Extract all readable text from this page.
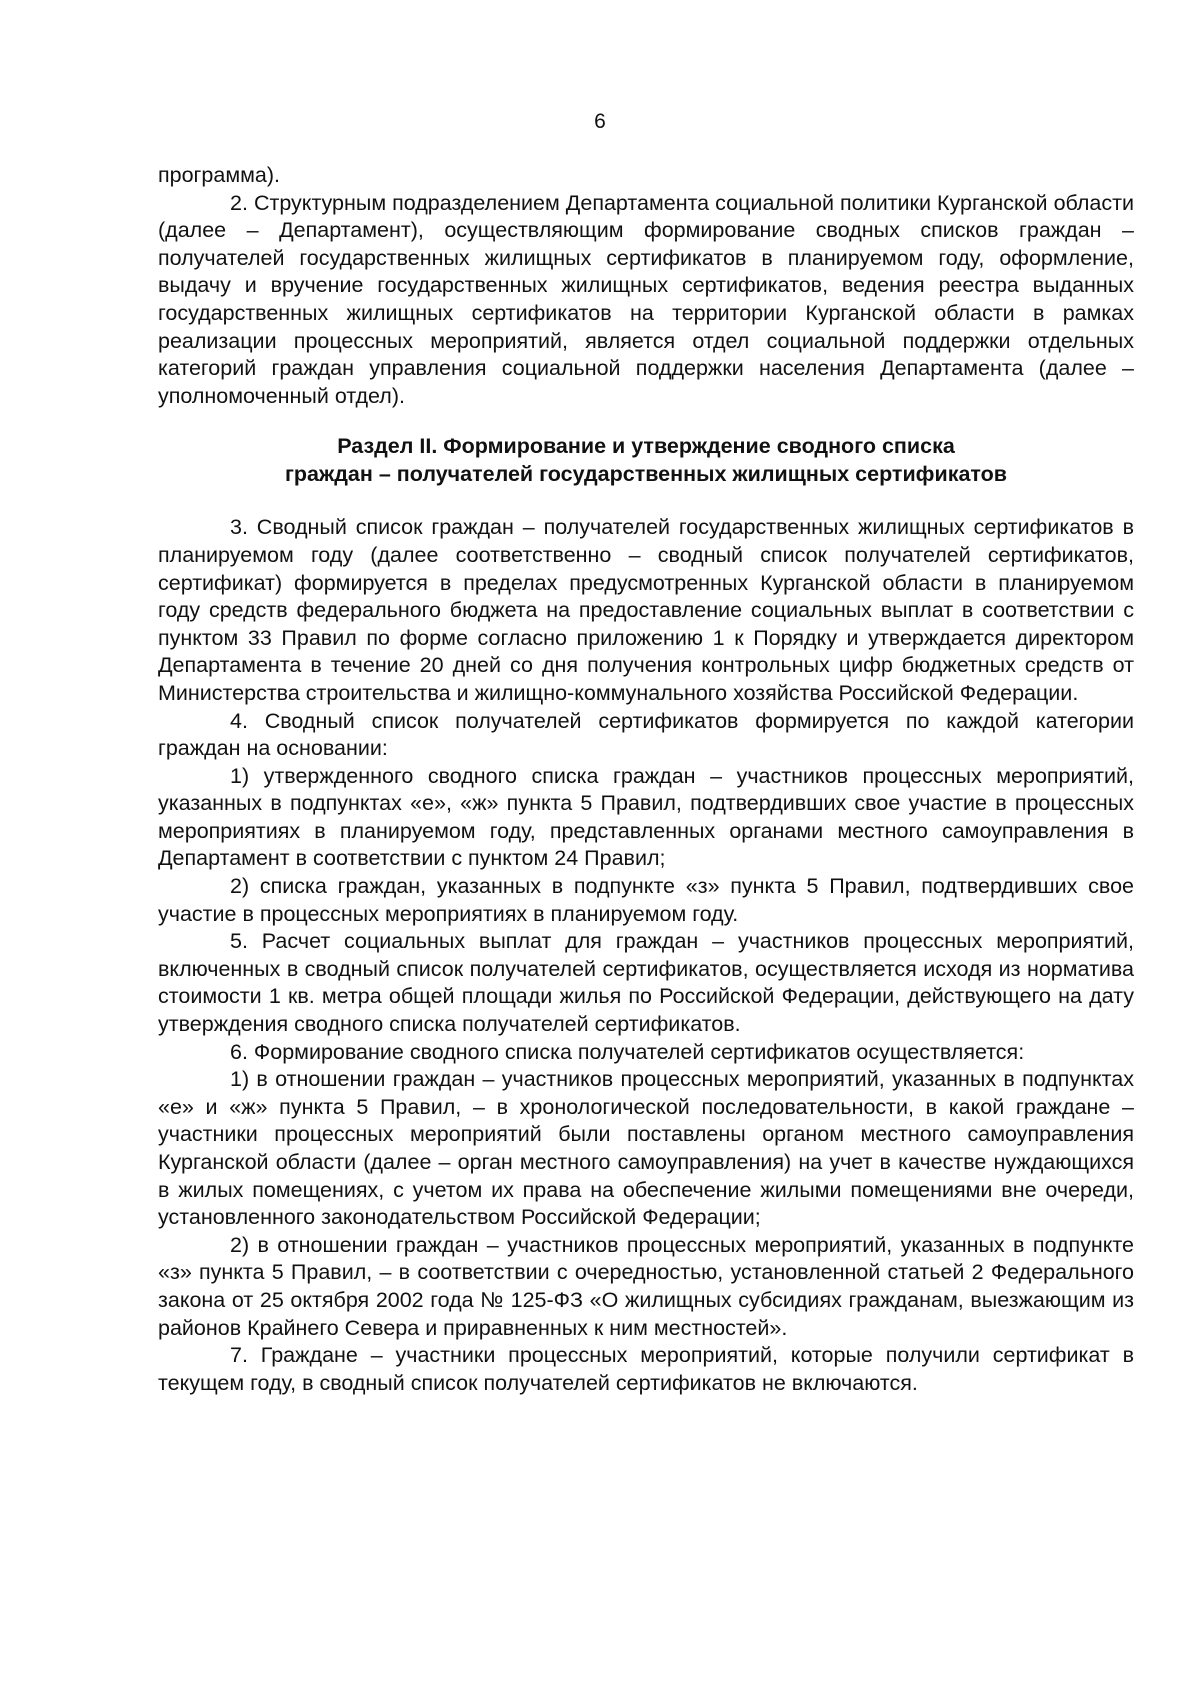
6

программа).

2. Структурным подразделением Департамента социальной политики Курганской области (далее – Департамент), осуществляющим формирование сводных списков граждан – получателей государственных жилищных сертификатов в планируемом году, оформление, выдачу и вручение государственных жилищных сертификатов, ведения реестра выданных государственных жилищных сертификатов на территории Курганской области в рамках реализации процессных мероприятий, является отдел социальной поддержки отдельных категорий граждан управления социальной поддержки населения Департамента (далее – уполномоченный отдел).

Раздел II. Формирование и утверждение сводного списка
граждан – получателей государственных жилищных сертификатов

3. Сводный список граждан – получателей государственных жилищных сертификатов в планируемом году (далее соответственно – сводный список получателей сертификатов, сертификат) формируется в пределах предусмотренных Курганской области в планируемом году средств федерального бюджета на предоставление социальных выплат в соответствии с пунктом 33 Правил по форме согласно приложению 1 к Порядку и утверждается директором Департамента в течение 20 дней со дня получения контрольных цифр бюджетных средств от Министерства строительства и жилищно-коммунального хозяйства Российской Федерации.

4. Сводный список получателей сертификатов формируется по каждой категории граждан на основании:

1) утвержденного сводного списка граждан – участников процессных мероприятий, указанных в подпунктах «е», «ж» пункта 5 Правил, подтвердивших свое участие в процессных мероприятиях в планируемом году, представленных органами местного самоуправления в Департамент в соответствии с пунктом 24 Правил;

2) списка граждан, указанных в подпункте «з» пункта 5 Правил, подтвердивших свое участие в процессных мероприятиях в планируемом году.

5. Расчет социальных выплат для граждан – участников процессных мероприятий, включенных в сводный список получателей сертификатов, осуществляется исходя из норматива стоимости 1 кв. метра общей площади жилья по Российской Федерации, действующего на дату утверждения сводного списка получателей сертификатов.

6. Формирование сводного списка получателей сертификатов осуществляется:

1) в отношении граждан – участников процессных мероприятий, указанных в подпунктах «е» и «ж» пункта 5 Правил, – в хронологической последовательности, в какой граждане – участники процессных мероприятий были поставлены органом местного самоуправления Курганской области (далее – орган местного самоуправления) на учет в качестве нуждающихся в жилых помещениях, с учетом их права на обеспечение жилыми помещениями вне очереди, установленного законодательством Российской Федерации;

2) в отношении граждан – участников процессных мероприятий, указанных в подпункте «з» пункта 5 Правил, – в соответствии с очередностью, установленной статьей 2 Федерального закона от 25 октября 2002 года № 125-ФЗ «О жилищных субсидиях гражданам, выезжающим из районов Крайнего Севера и приравненных к ним местностей».

7. Граждане – участники процессных мероприятий, которые получили сертификат в текущем году, в сводный список получателей сертификатов не включаются.
